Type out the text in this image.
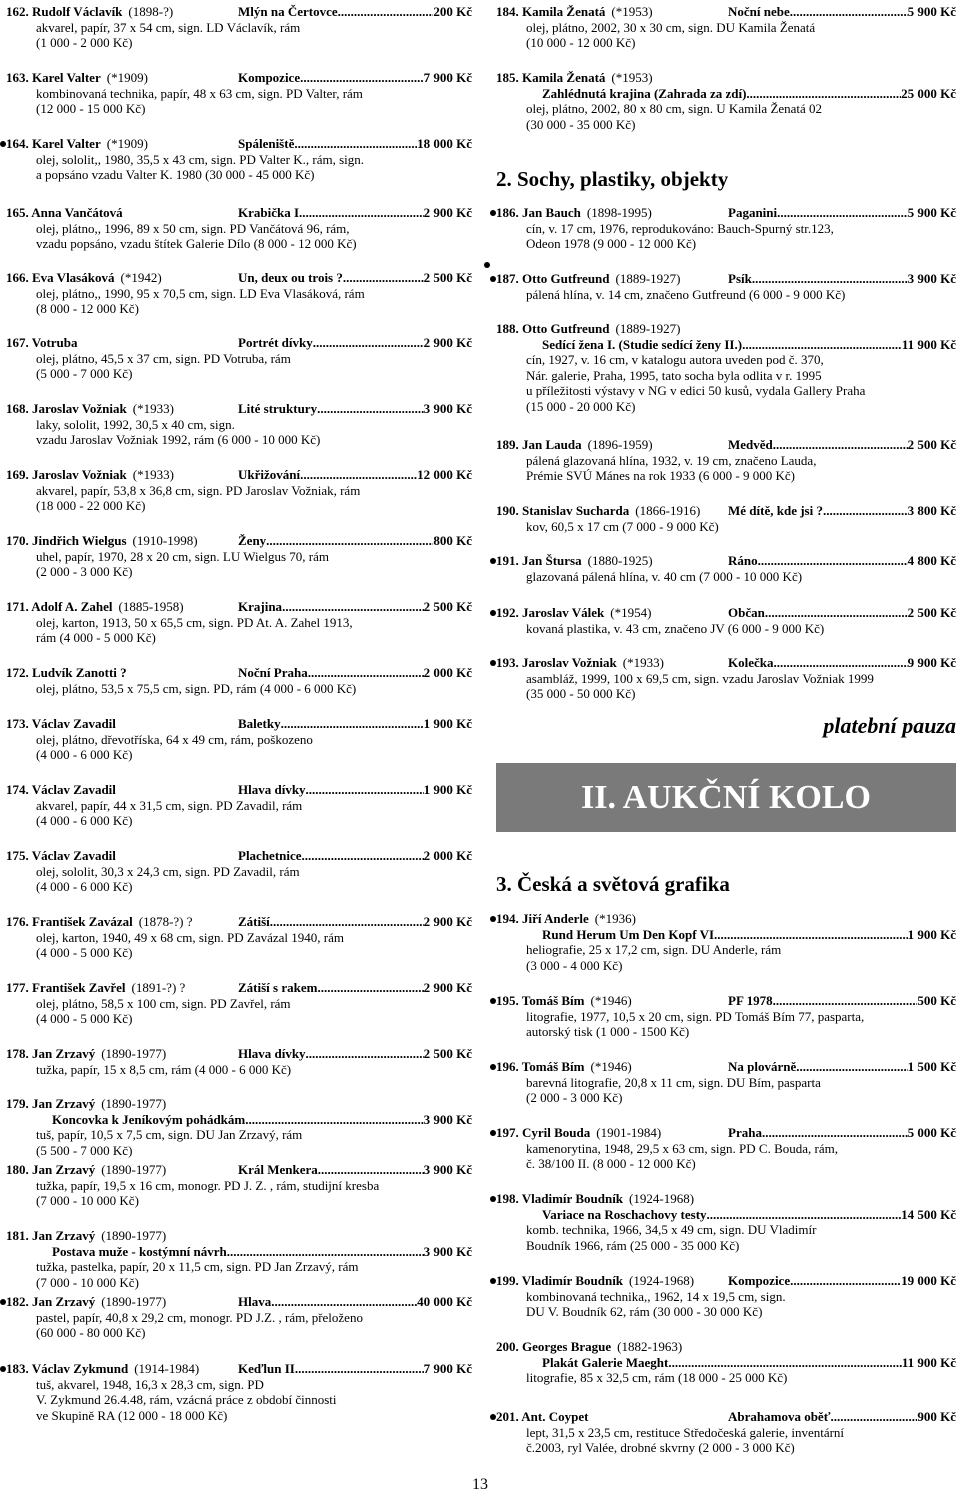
162. Rudolf Václavík (1898-?)	Mlýn na Čertovce .....	200 Kč
akvarel, papír, 37 x 54 cm, sign. LD Václavík, rám
(1 000 - 2 000 Kč)
163. Karel Valter (*1909)	Kompozice .....	7 900 Kč
kombinovaná technika, papír, 48 x 63 cm, sign. PD Valter, rám
(12 000 - 15 000 Kč)
164. Karel Valter (*1909)	Spáleniště .....	18 000 Kč
olej, sololit,, 1980, 35,5 x 43 cm, sign. PD Valter K., rám, sign.
a popsáno vzadu Valter K. 1980 (30 000 - 45 000 Kč)
165. Anna Vančátová	Krabička I. .....	2 900 Kč
olej, plátno,, 1996, 89 x 50 cm, sign. PD Vančátová 96, rám,
vzadu popsáno, vzadu štítek Galerie Dílo (8 000 - 12 000 Kč)
166. Eva Vlasáková (*1942)	Un, deux ou trois ? .....	2 500 Kč
olej, plátno,, 1990, 95 x 70,5 cm, sign. LD Eva Vlasáková, rám
(8 000 - 12 000 Kč)
167. Votruba	Portrét dívky .....	2 900 Kč
olej, plátno, 45,5 x 37 cm, sign. PD Votruba, rám
(5 000 - 7 000 Kč)
168. Jaroslav Vožniak (*1933)	Lité struktury .....	3 900 Kč
laky, sololit, 1992, 30,5 x 40 cm, sign.
vzadu Jaroslav Vožniak 1992, rám (6 000 - 10 000 Kč)
169. Jaroslav Vožniak (*1933)	Ukřižování .....	12 000 Kč
akvarel, papír, 53,8 x 36,8 cm, sign. PD Jaroslav Vožniak, rám
(18 000 - 22 000 Kč)
170. Jindřich Wielgus (1910-1998)	Ženy .....	800 Kč
uhel, papír, 1970, 28 x 20 cm, sign. LU Wielgus 70, rám
(2 000 - 3 000 Kč)
171. Adolf A. Zahel (1885-1958)	Krajina .....	2 500 Kč
olej, karton, 1913, 50 x 65,5 cm, sign. PD At. A. Zahel 1913,
rám (4 000 - 5 000 Kč)
172. Ludvík Zanotti ?	Noční Praha .....	2 000 Kč
olej, plátno, 53,5 x 75,5 cm, sign. PD, rám (4 000 - 6 000 Kč)
173. Václav Zavadil	Baletky .....	1 900 Kč
olej, plátno, dřevotříska, 64 x 49 cm, rám, poškozeno
(4 000 - 6 000 Kč)
174. Václav Zavadil	Hlava dívky .....	1 900 Kč
akvarel, papír, 44 x 31,5 cm, sign. PD Zavadil, rám
(4 000 - 6 000 Kč)
175. Václav Zavadil	Plachetnice .....	2 000 Kč
olej, sololit, 30,3 x 24,3 cm, sign. PD Zavadil, rám
(4 000 - 6 000 Kč)
176. František Zavázal (1878-?) ?	Zátiší .....	2 900 Kč
olej, karton, 1940, 49 x 68 cm, sign. PD Zavázal 1940, rám
(4 000 - 5 000 Kč)
177. František Zavřel (1891-?) ?	Zátiší s rakem .....	2 900 Kč
olej, plátno, 58,5 x 100 cm, sign. PD Zavřel, rám
(4 000 - 5 000 Kč)
178. Jan Zrzavý (1890-1977)	Hlava dívky .....	2 500 Kč
tužka, papír, 15 x 8,5 cm, rám (4 000 - 6 000 Kč)
179. Jan Zrzavý (1890-1977)
Koncovka k Jeníkovým pohádkám .....	3 900 Kč
tuš, papír, 10,5 x 7,5 cm, sign. DU Jan Zrzavý, rám
(5 500 - 7 000 Kč)
180. Jan Zrzavý (1890-1977)	Král Menkera .....	3 900 Kč
tužka, papír, 19,5 x 16 cm, monogr. PD J. Z. , rám, studijní kresba
(7 000 - 10 000 Kč)
181. Jan Zrzavý (1890-1977)
Postava muže - kostýmní návrh .....	3 900 Kč
tužka, pastelka, papír, 20 x 11,5 cm, sign. PD Jan Zrzavý, rám
(7 000 - 10 000 Kč)
182. Jan Zrzavý (1890-1977)	Hlava .....	40 000 Kč
pastel, papír, 40,8 x 29,2 cm, monogr. PD J.Z. , rám, přeloženo
(60 000 - 80 000 Kč)
183. Václav Zykmund (1914-1984)	Keďlun II. .....	7 900 Kč
tuš, akvarel, 1948, 16,3 x 28,3 cm, sign. PD
V. Zykmund 26.4.48, rám, vzácná práce z období činnosti
ve Skupině RA (12 000 - 18 000 Kč)
2. Sochy, plastiky, objekty
platební pauza
II. AUKČNÍ KOLO
3. Česká a světová grafika
184. Kamila Ženatá (*1953)	Noční nebe .....	5 900 Kč
olej, plátno, 2002, 30 x 30 cm, sign. DU Kamila Ženatá
(10 000 - 12 000 Kč)
185. Kamila Ženatá (*1953)
Zahlédnutá krajina (Zahrada za zdí) .....	25 000 Kč
olej, plátno, 2002, 80 x 80 cm, sign. U Kamila Ženatá 02
(30 000 - 35 000 Kč)
186. Jan Bauch (1898-1995)	Paganini .....	5 900 Kč
cín, v. 17 cm, 1976, reprodukováno: Bauch-Spurný str.123,
Odeon 1978 (9 000 - 12 000 Kč)
187. Otto Gutfreund (1889-1927)	Psík .....	3 900 Kč
pálená hlína, v. 14 cm, značeno Gutfreund (6 000 - 9 000 Kč)
188. Otto Gutfreund (1889-1927)
Sedící žena I. (Studie sedící ženy II.) .....	11 900 Kč
cín, 1927, v. 16 cm, v katalogu autora uveden pod č. 370,
Nár. galerie, Praha, 1995, tato socha byla odlita v r. 1995
u příležitosti výstavy v NG v edici 50 kusů, vydala Gallery Praha
(15 000 - 20 000 Kč)
189. Jan Lauda (1896-1959)	Medvěd .....	2 500 Kč
pálená glazovaná hlína, 1932, v. 19 cm, značeno Lauda,
Prémie SVÚ Mánes na rok 1933 (6 000 - 9 000 Kč)
190. Stanislav Sucharda (1866-1916)	Mé dítě, kde jsi ? .....	3 800 Kč
kov, 60,5 x 17 cm (7 000 - 9 000 Kč)
191. Jan Štursa (1880-1925)	Ráno .....	4 800 Kč
glazovaná pálená hlína, v. 40 cm (7 000 - 10 000 Kč)
192. Jaroslav Válek (*1954)	Občan .....	2 500 Kč
kovaná plastika, v. 43 cm, značeno JV (6 000 - 9 000 Kč)
193. Jaroslav Vožniak (*1933)	Kolečka .....	9 900 Kč
asambláž, 1999, 100 x 69,5 cm, sign. vzadu Jaroslav Vožniak 1999
(35 000 - 50 000 Kč)
194. Jiří Anderle (*1936)
Rund Herum Um Den Kopf VI .....	1 900 Kč
heliografie, 25 x 17,2 cm, sign. DU Anderle, rám
(3 000 - 4 000 Kč)
195. Tomáš Bím (*1946)	PF 1978 .....	500 Kč
litografie, 1977, 10,5 x 20 cm, sign. PD Tomáš Bím 77, pasparta,
autorský tisk (1 000 - 1500 Kč)
196. Tomáš Bím (*1946)	Na plovárně .....	1 500 Kč
barevná litografie, 20,8 x 11 cm, sign. DU Bím, pasparta
(2 000 - 3 000 Kč)
197. Cyril Bouda (1901-1984)	Praha .....	5 000 Kč
kamenorytina, 1948, 29,5 x 63 cm, sign. PD C. Bouda, rám,
č. 38/100 II. (8 000 - 12 000 Kč)
198. Vladimír Boudník (1924-1968)
Variace na Roschachovy testy .....	14 500 Kč
komb. technika, 1966, 34,5 x 49 cm, sign. DU Vladimír
Boudník 1966, rám (25 000 - 35 000 Kč)
199. Vladimír Boudník (1924-1968)	Kompozice .....	19 000 Kč
kombinovaná technika,, 1962, 14 x 19,5 cm, sign.
DU V. Boudník 62, rám (30 000 - 30 000 Kč)
200. Georges Brague (1882-1963)
Plakát Galerie Maeght .....	11 900 Kč
litografie, 85 x 32,5 cm, rám (18 000 - 25 000 Kč)
201. Ant. Coypet	Abrahamova oběť .....	900 Kč
lept, 31,5 x 23,5 cm, restituce Středočeská galerie, inventární
č.2003, ryl Valée, drobné skvrny (2 000 - 3 000 Kč)
13
